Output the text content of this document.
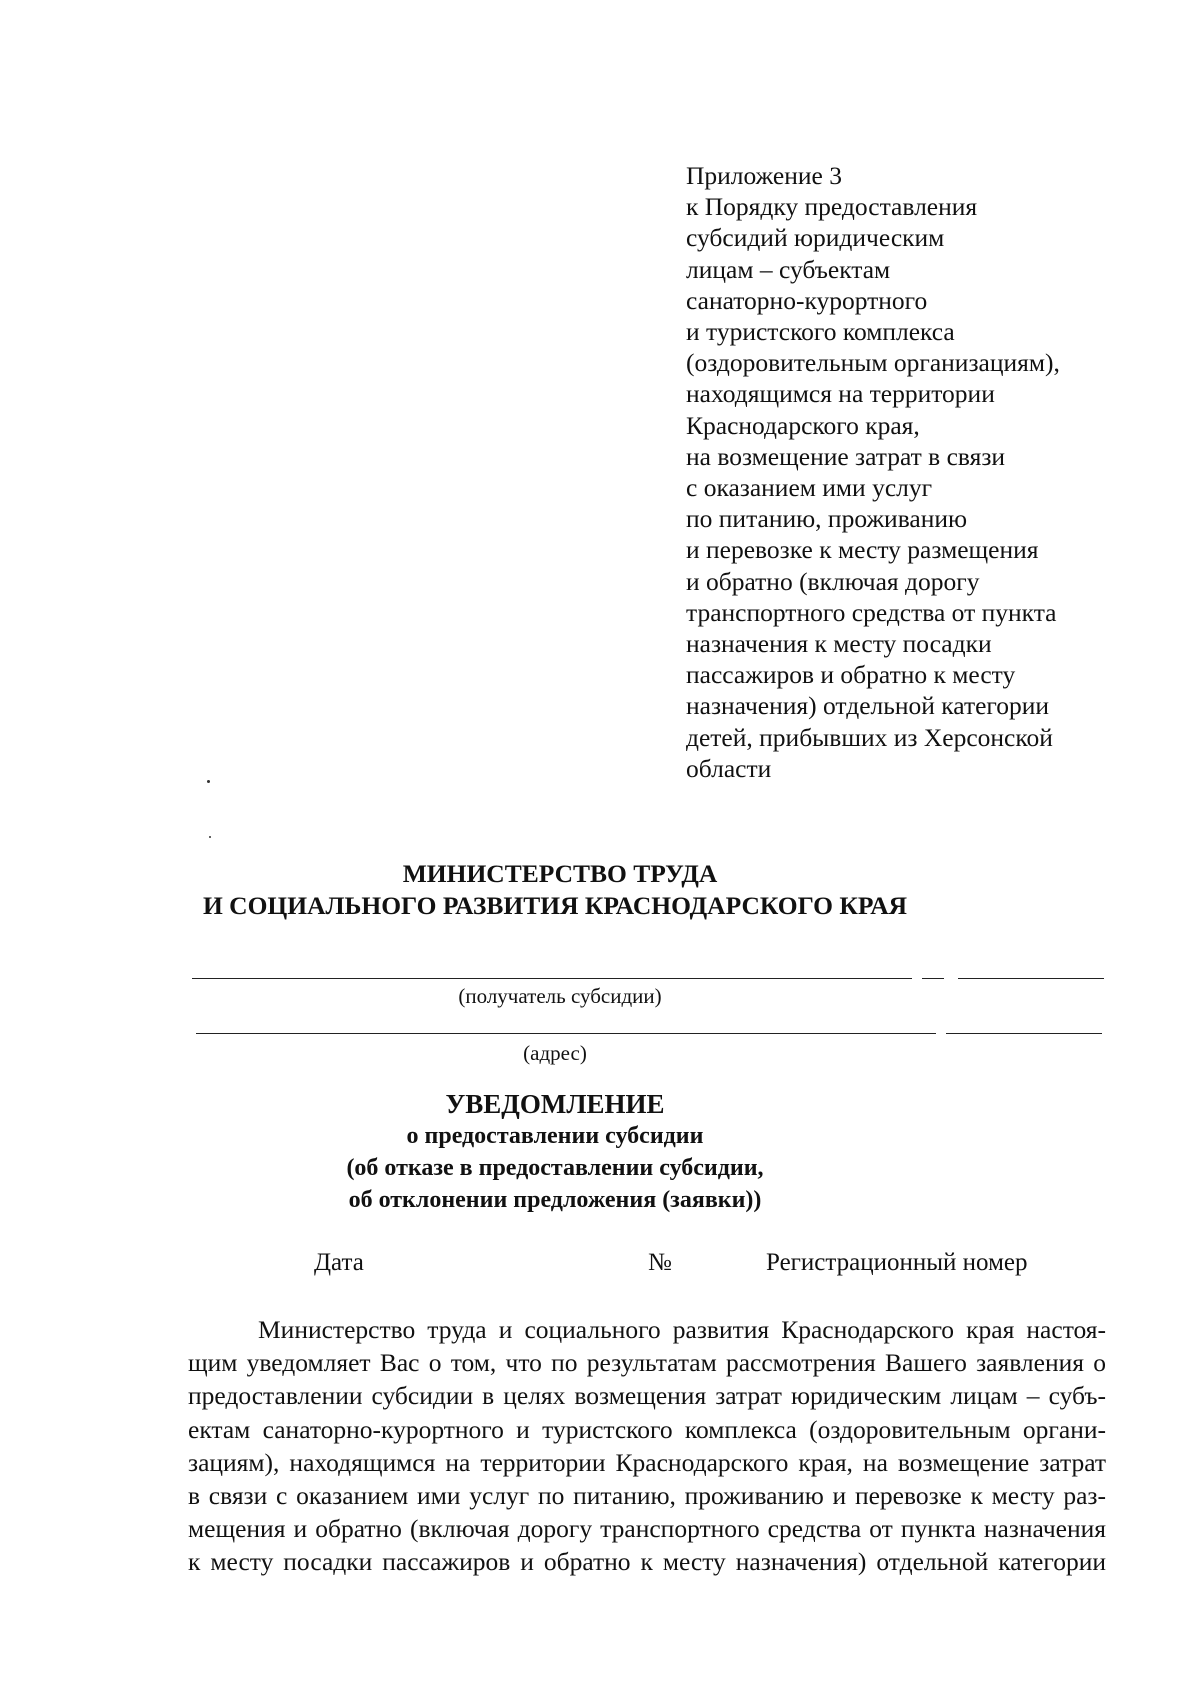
Приложение 3
к Порядку предоставления
субсидий юридическим
лицам – субъектам
санаторно-курортного
и туристского комплекса
(оздоровительным организациям),
находящимся на территории
Краснодарского края,
на возмещение затрат в связи
с оказанием ими услуг
по питанию, проживанию
и перевозке к месту размещения
и обратно (включая дорогу
транспортного средства от пункта
назначения к месту посадки
пассажиров и обратно к месту
назначения) отдельной категории
детей, прибывших из Херсонской
области
МИНИСТЕРСТВО ТРУДА
И СОЦИАЛЬНОГО РАЗВИТИЯ КРАСНОДАРСКОГО КРАЯ
(получатель субсидии)
(адрес)
УВЕДОМЛЕНИЕ
о предоставлении субсидии
(об отказе в предоставлении субсидии,
об отклонении предложения (заявки))
Дата	№	Регистрационный номер
Министерство труда и социального развития Краснодарского края настоя-
щим уведомляет Вас о том, что по результатам рассмотрения Вашего заявления о
предоставлении субсидии в целях возмещения затрат юридическим лицам – субъ-
ектам санаторно-курортного и туристского комплекса (оздоровительным органи-
зациям), находящимся на территории Краснодарского края, на возмещение затрат
в связи с оказанием ими услуг по питанию, проживанию и перевозке к месту раз-
мещения и обратно (включая дорогу транспортного средства от пункта назначения
к месту посадки пассажиров и обратно к месту назначения) отдельной категории
